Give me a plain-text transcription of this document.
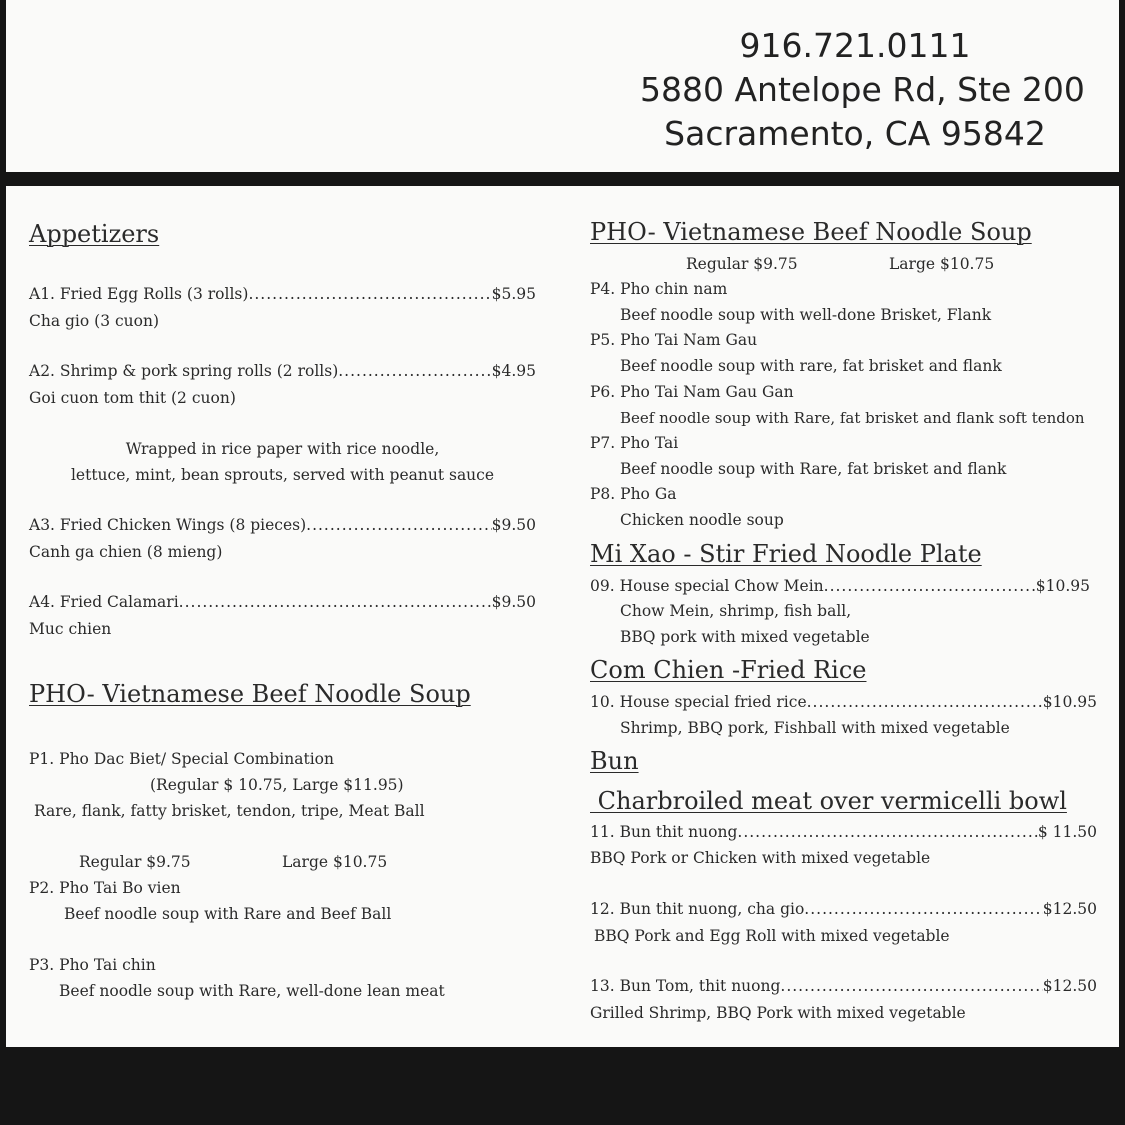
916.721.0111
5880 Antelope Rd, Ste 200
Sacramento, CA 95842
Appetizers
A1. Fried Egg Rolls (3 rolls) .....	$5.95
Cha gio (3 cuon)
A2. Shrimp & pork spring rolls (2 rolls) .....	$4.95
Goi cuon tom thit (2 cuon)
Wrapped in rice paper with rice noodle,
lettuce, mint, bean sprouts, served with peanut sauce
A3. Fried Chicken Wings (8 pieces) .....	$9.50
Canh ga chien (8 mieng)
A4. Fried Calamari .....	$9.50
Muc chien
PHO- Vietnamese Beef Noodle Soup
P1. Pho Dac Biet/ Special Combination
(Regular $ 10.75, Large $11.95)
Rare, flank, fatty brisket, tendon, tripe, Meat Ball
Regular $9.75	Large $10.75
P2. Pho Tai Bo vien
Beef noodle soup with Rare and Beef Ball
P3. Pho Tai chin
Beef noodle soup with Rare, well-done lean meat
PHO- Vietnamese Beef Noodle Soup
Regular $9.75	Large $10.75
P4. Pho chin nam
Beef noodle soup with well-done Brisket, Flank
P5. Pho Tai Nam Gau
Beef noodle soup with rare, fat brisket and flank
P6. Pho Tai Nam Gau Gan
Beef noodle soup with Rare, fat brisket and flank soft tendon
P7. Pho Tai
Beef noodle soup with Rare, fat brisket and flank
P8. Pho Ga
Chicken noodle soup
Mi Xao - Stir Fried Noodle Plate
09. House special Chow Mein .....	$10.95
Chow Mein, shrimp, fish ball,
BBQ pork with mixed vegetable
Com Chien -Fried Rice
10. House special fried rice .....	$10.95
Shrimp, BBQ pork, Fishball with mixed vegetable
Bun
Charbroiled meat over vermicelli bowl
11. Bun thit nuong .....	$ 11.50
BBQ Pork or Chicken with mixed vegetable
12. Bun thit nuong, cha gio .....	$12.50
BBQ Pork and Egg Roll with mixed vegetable
13. Bun Tom, thit nuong .....	$12.50
Grilled Shrimp, BBQ Pork with mixed vegetable
